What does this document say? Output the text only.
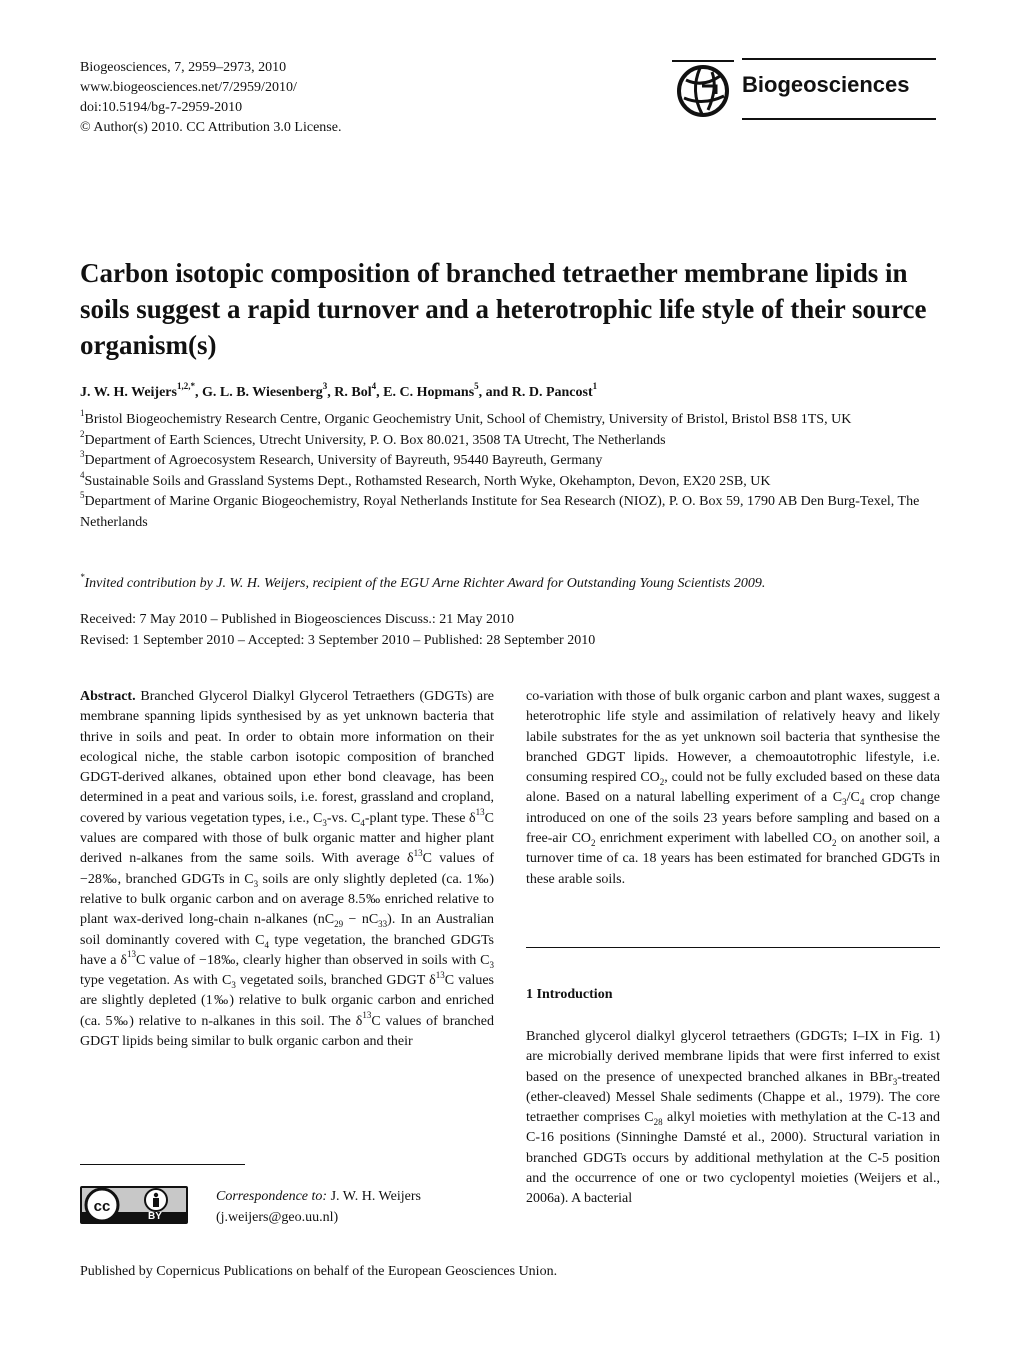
Biogeosciences, 7, 2959–2973, 2010
www.biogeosciences.net/7/2959/2010/
doi:10.5194/bg-7-2959-2010
© Author(s) 2010. CC Attribution 3.0 License.
Biogeosciences
Carbon isotopic composition of branched tetraether membrane lipids in soils suggest a rapid turnover and a heterotrophic life style of their source organism(s)
J. W. H. Weijers$^{1,2,*}$, G. L. B. Wiesenberg$^3$, R. Bol$^4$, E. C. Hopmans$^5$, and R. D. Pancost$^1$

$^1$Bristol Biogeochemistry Research Centre, Organic Geochemistry Unit, School of Chemistry, University of Bristol, Bristol BS8 1TS, UK

$^2$Department of Earth Sciences, Utrecht University, P. O. Box 80.021, 3508 TA Utrecht, The Netherlands

$^3$Department of Agroecosystem Research, University of Bayreuth, 95440 Bayreuth, Germany

$^4$Sustainable Soils and Grassland Systems Dept., Rothamsted Research, North Wyke, Okehampton, Devon, EX20 2SB, UK

$^5$Department of Marine Organic Biogeochemistry, Royal Netherlands Institute for Sea Research (NIOZ), P. O. Box 59, 1790 AB Den Burg-Texel, The Netherlands

*Invited contribution by J. W. H. Weijers, recipient of the EGU Arne Richter Award for Outstanding Young Scientists 2009.
Received: 7 May 2010 – Published in Biogeosciences Discuss.: 21 May 2010
Revised: 1 September 2010 – Accepted: 3 September 2010 – Published: 28 September 2010

Abstract. Branched Glycerol Dialkyl Glycerol Tetraethers (GDGTs) are membrane spanning lipids synthesised by as yet unknown bacteria that thrive in soils and peat. In order to obtain more information on their ecological niche, the stable carbon isotopic composition of branched GDGT-derived alkanes, obtained upon ether bond cleavage, has been determined in a peat and various soils, i.e. forest, grassland and cropland, covered by various vegetation types, i.e., $C_3-vs$. $C_4$-plant type. These $\delta^{13}C$ values are compared with those of bulk organic matter and higher plant derived n-alkanes from the same soils. With average $\delta^{13}C$ values of −28‰, branched GDGTs in $C_3$ soils are only slightly depleted (ca. 1‰) relative to bulk organic carbon and on average 8.5‰ enriched relative to plant wax-derived long-chain n-alkanes $(nC_{29} - nC_{33})$. In an Australian soil dominantly covered with $C_4$ type vegetation, the branched GDGTs have a $\delta^{13}C$ value of −18‰, clearly higher than observed in soils with $C_3$ type vegetation. As with $C_3$ vegetated soils, branched GDGT $\delta^{13}C$ values are slightly depleted (1‰) relative to bulk organic carbon and enriched (ca. 5‰) relative to n-alkanes in this soil. The $\delta^{13}C$ values of branched GDGT lipids being similar to bulk organic carbon and their

cc
BY
Correspondence to: J. W. H. Weijers
(j.weijers@geo.uu.nl)

co-variation with those of bulk organic carbon and plant waxes, suggest a heterotrophic life style and assimilation of relatively heavy and likely labile substrates for the as yet unknown soil bacteria that synthesise the branched GDGT lipids. However, a chemoautotrophic lifestyle, i.e. consuming respired $CO_2$, could not be fully excluded based on these data alone. Based on a natural labelling experiment of a $C_3/C_4$ crop change introduced on one of the soils 23 years before sampling and based on a free-air $CO_2$ enrichment experiment with labelled $CO_2$ on another soil, a turnover time of ca. 18 years has been estimated for branched GDGTs in these arable soils.

1 Introduction

Branched glycerol dialkyl glycerol tetraethers (GDGTs; I–IX in Fig. 1) are microbially derived membrane lipids that were first inferred to exist based on the presence of unexpected branched alkanes in BBr$_3$-treated (ether-cleaved) Messel Shale sediments (Chappe et al., 1979). The core tetraether comprises $C_{28}$ alkyl moieties with methylation at the C-13 and C-16 positions (Sinninghe Damsté et al., 2000). Structural variation in branched GDGTs occurs by additional methylation at the C-5 position and the occurrence of one or two cyclopentyl moieties (Weijers et al., 2006a). A bacterial

Published by Copernicus Publications on behalf of the European Geosciences Union.
